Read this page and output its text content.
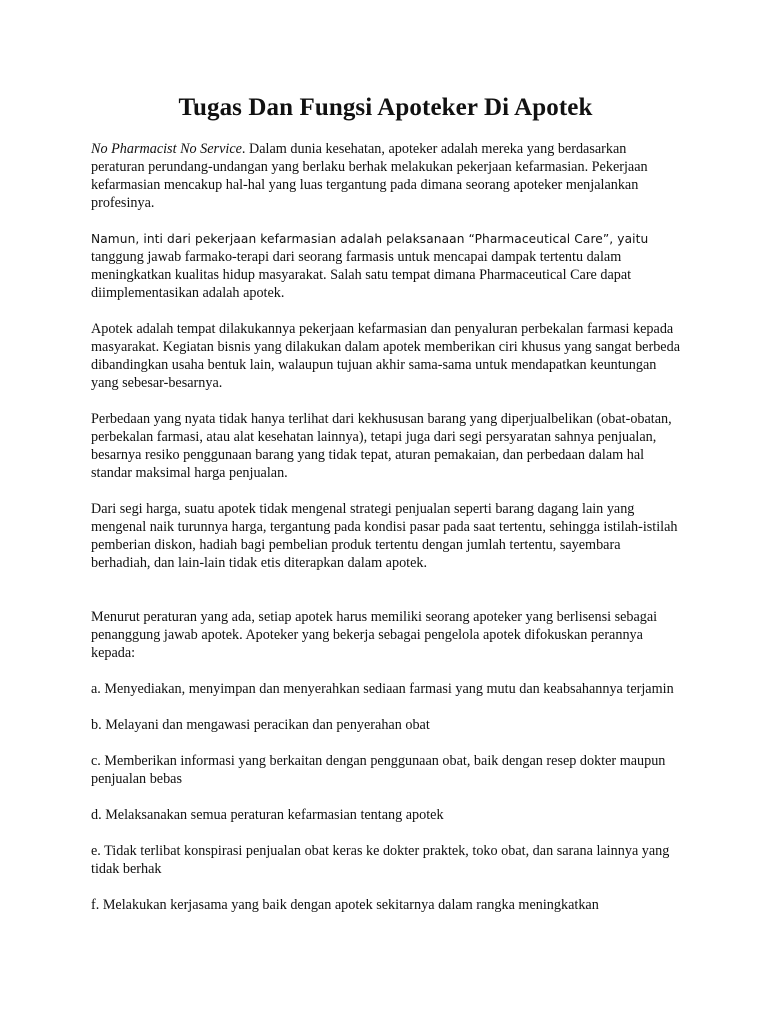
Tugas Dan Fungsi Apoteker Di Apotek

No Pharmacist No Service. Dalam dunia kesehatan, apoteker adalah mereka yang berdasarkan peraturan perundang-undangan yang berlaku berhak melakukan pekerjaan kefarmasian. Pekerjaan kefarmasian mencakup hal-hal yang luas tergantung pada dimana seorang apoteker menjalankan profesinya.

Namun, inti dari pekerjaan kefarmasian adalah pelaksanaan “Pharmaceutical Care”, yaitu tanggung jawab farmako-terapi dari seorang farmasis untuk mencapai dampak tertentu dalam meningkatkan kualitas hidup masyarakat. Salah satu tempat dimana Pharmaceutical Care dapat diimplementasikan adalah apotek.

Apotek adalah tempat dilakukannya pekerjaan kefarmasian dan penyaluran perbekalan farmasi kepada masyarakat. Kegiatan bisnis yang dilakukan dalam apotek memberikan ciri khusus yang sangat berbeda dibandingkan usaha bentuk lain, walaupun tujuan akhir sama-sama untuk mendapatkan keuntungan yang sebesar-besarnya.

Perbedaan yang nyata tidak hanya terlihat dari kekhususan barang yang diperjualbelikan (obat-obatan, perbekalan farmasi, atau alat kesehatan lainnya), tetapi juga dari segi persyaratan sahnya penjualan, besarnya resiko penggunaan barang yang tidak tepat, aturan pemakaian, dan perbedaan dalam hal standar maksimal harga penjualan.

Dari segi harga, suatu apotek tidak mengenal strategi penjualan seperti barang dagang lain yang mengenal naik turunnya harga, tergantung pada kondisi pasar pada saat tertentu, sehingga istilah-istilah pemberian diskon, hadiah bagi pembelian produk tertentu dengan jumlah tertentu, sayembara berhadiah, dan lain-lain tidak etis diterapkan dalam apotek.

Menurut peraturan yang ada, setiap apotek harus memiliki seorang apoteker yang berlisensi sebagai penanggung jawab apotek. Apoteker yang bekerja sebagai pengelola apotek difokuskan perannya kepada:

a. Menyediakan, menyimpan dan menyerahkan sediaan farmasi yang mutu dan keabsahannya terjamin

b. Melayani dan mengawasi peracikan dan penyerahan obat

c. Memberikan informasi yang berkaitan dengan penggunaan obat, baik dengan resep dokter maupun penjualan bebas

d. Melaksanakan semua peraturan kefarmasian tentang apotek

e. Tidak terlibat konspirasi penjualan obat keras ke dokter praktek, toko obat, dan sarana lainnya yang tidak berhak

f. Melakukan kerjasama yang baik dengan apotek sekitarnya dalam rangka meningkatkan
